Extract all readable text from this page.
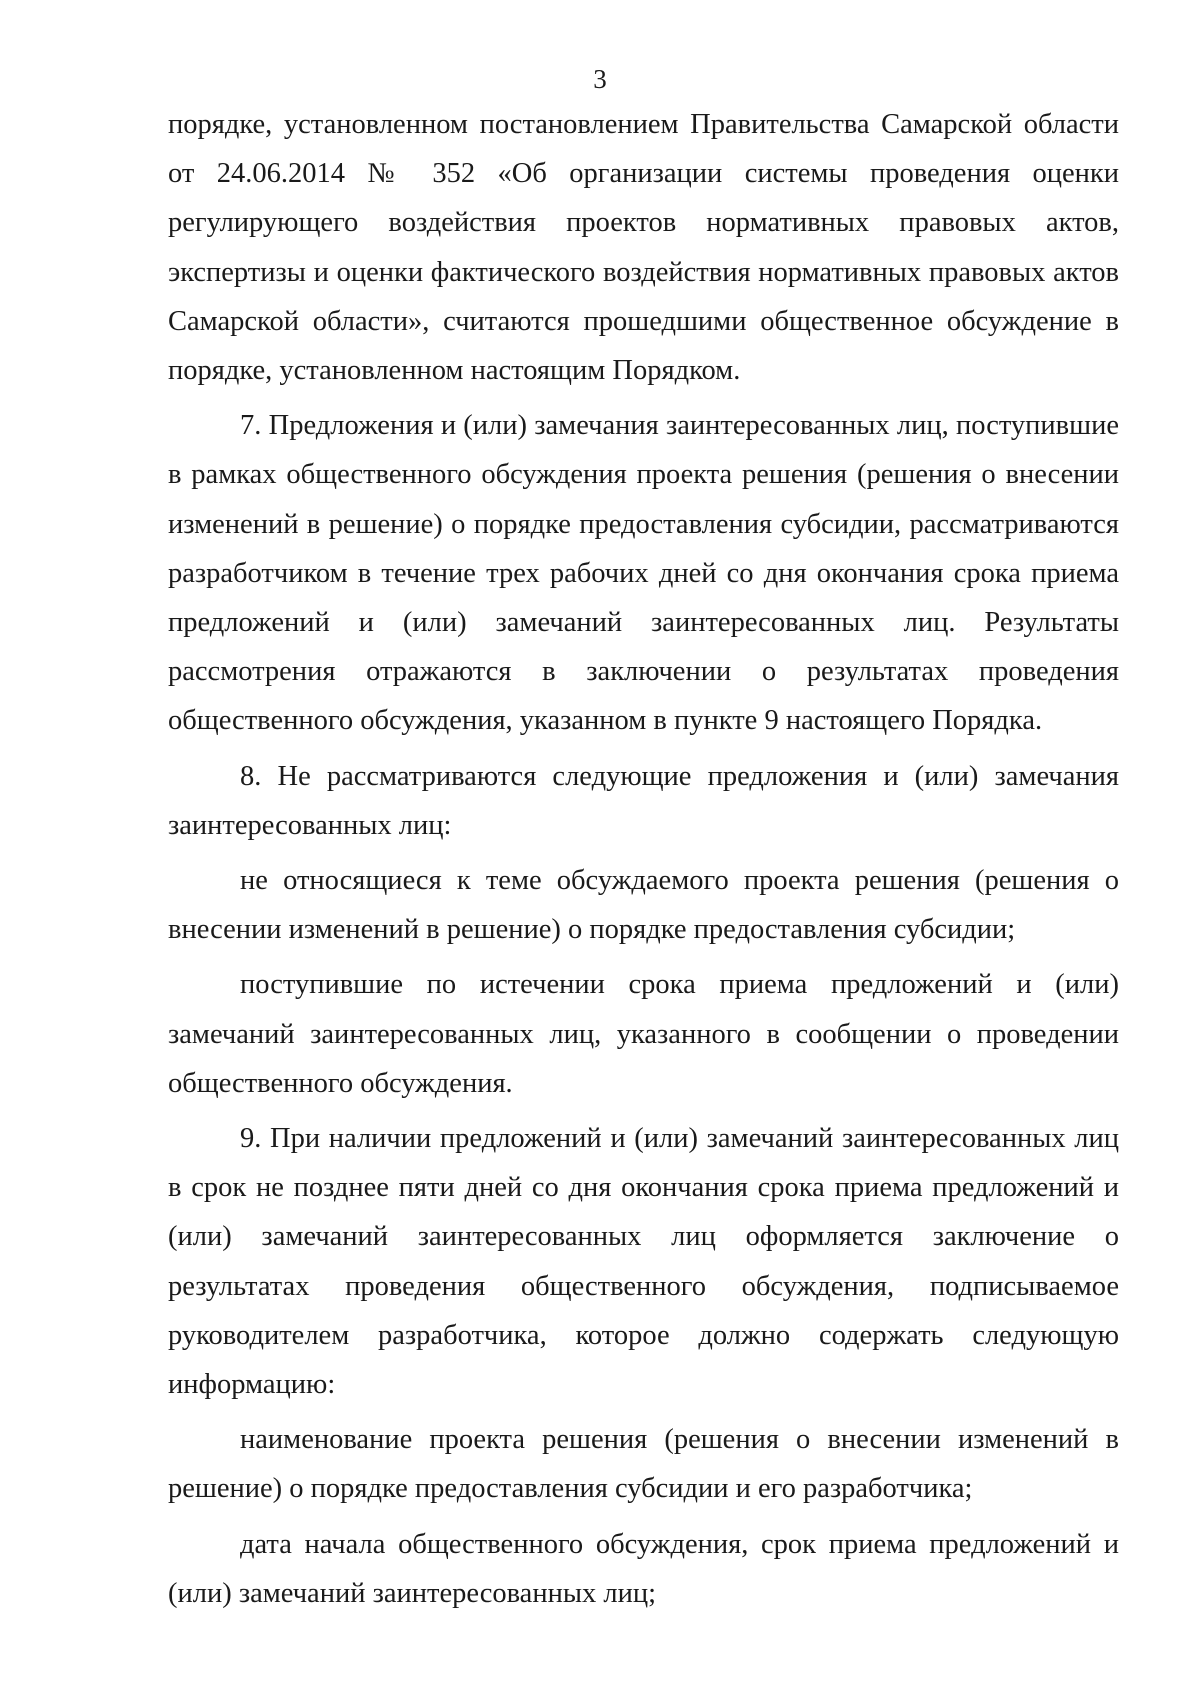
3

порядке, установленном постановлением Правительства Самарской области от 24.06.2014 № 352 «Об организации системы проведения оценки регулирующего воздействия проектов нормативных правовых актов, экспертизы и оценки фактического воздействия нормативных правовых актов Самарской области», считаются прошедшими общественное обсуждение в порядке, установленном настоящим Порядком.

7. Предложения и (или) замечания заинтересованных лиц, поступившие в рамках общественного обсуждения проекта решения (решения о внесении изменений в решение) о порядке предоставления субсидии, рассматриваются разработчиком в течение трех рабочих дней со дня окончания срока приема предложений и (или) замечаний заинтересованных лиц. Результаты рассмотрения отражаются в заключении о результатах проведения общественного обсуждения, указанном в пункте 9 настоящего Порядка.

8. Не рассматриваются следующие предложения и (или) замечания заинтересованных лиц:

не относящиеся к теме обсуждаемого проекта решения (решения о внесении изменений в решение) о порядке предоставления субсидии;

поступившие по истечении срока приема предложений и (или) замечаний заинтересованных лиц, указанного в сообщении о проведении общественного обсуждения.

9. При наличии предложений и (или) замечаний заинтересованных лиц в срок не позднее пяти дней со дня окончания срока приема предложений и (или) замечаний заинтересованных лиц оформляется заключение о результатах проведения общественного обсуждения, подписываемое руководителем разработчика, которое должно содержать следующую информацию:

наименование проекта решения (решения о внесении изменений в решение) о порядке предоставления субсидии и его разработчика;

дата начала общественного обсуждения, срок приема предложений и (или) замечаний заинтересованных лиц;
